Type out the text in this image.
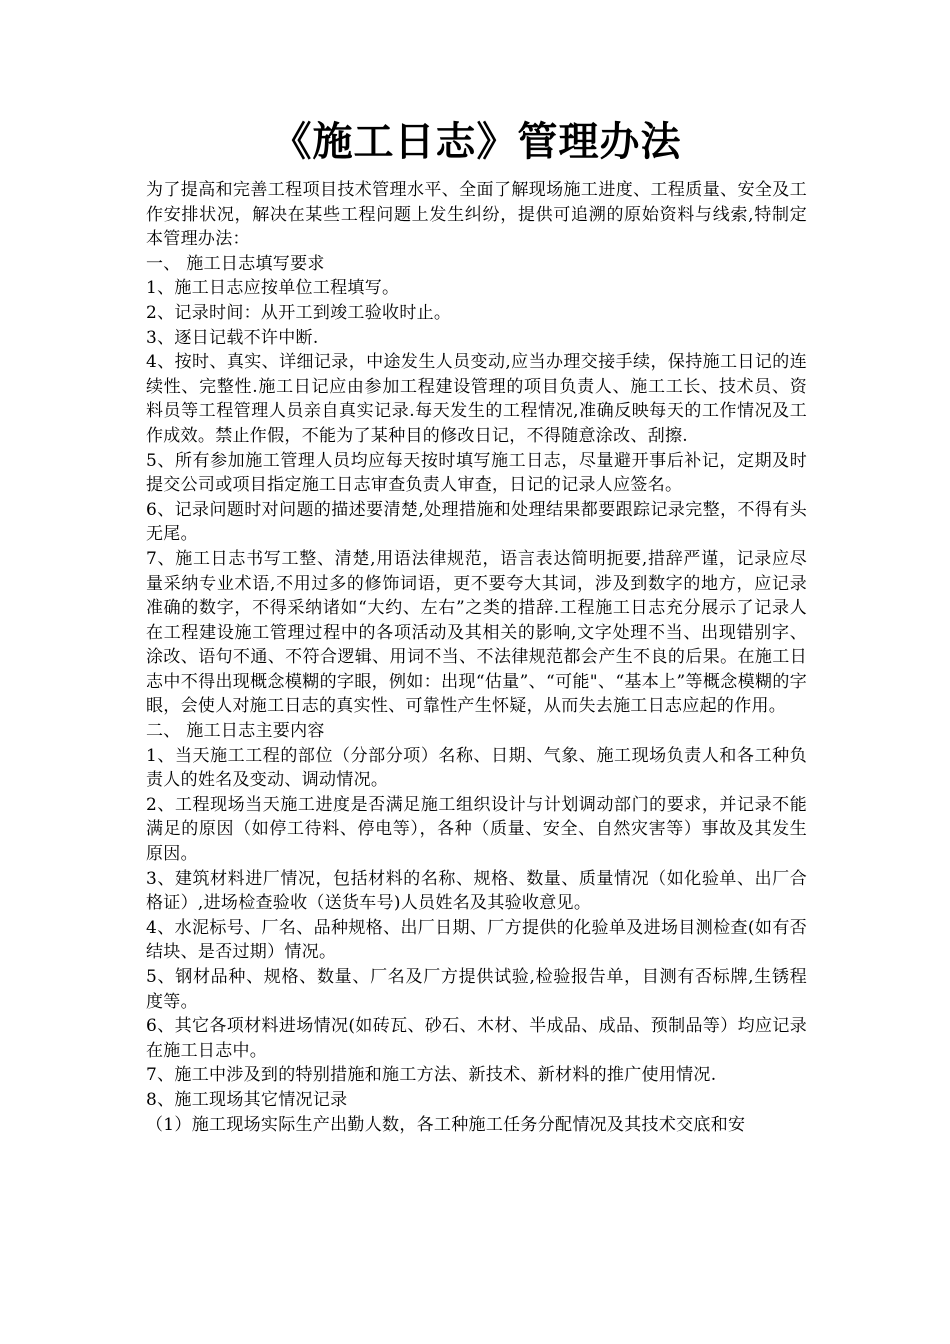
《施工日志》管理办法

为了提高和完善工程项目技术管理水平、全面了解现场施工进度、工程质量、安全及工作安排状况，解决在某些工程问题上发生纠纷，提供可追溯的原始资料与线索,特制定本管理办法：

一、 施工日志填写要求

1、施工日志应按单位工程填写。

2、记录时间：从开工到竣工验收时止。

3、逐日记载不许中断.

4、按时、真实、详细记录，中途发生人员变动,应当办理交接手续，保持施工日记的连续性、完整性.施工日记应由参加工程建设管理的项目负责人、施工工长、技术员、资料员等工程管理人员亲自真实记录.每天发生的工程情况,准确反映每天的工作情况及工作成效。禁止作假，不能为了某种目的修改日记，不得随意涂改、刮擦.

5、所有参加施工管理人员均应每天按时填写施工日志，尽量避开事后补记，定期及时提交公司或项目指定施工日志审查负责人审查，日记的记录人应签名。

6、记录问题时对问题的描述要清楚,处理措施和处理结果都要跟踪记录完整，不得有头无尾。

7、施工日志书写工整、清楚,用语法律规范，语言表达简明扼要,措辞严谨，记录应尽量采纳专业术语,不用过多的修饰词语，更不要夸大其词，涉及到数字的地方，应记录准确的数字，不得采纳诸如“大约、左右”之类的措辞.工程施工日志充分展示了记录人在工程建设施工管理过程中的各项活动及其相关的影响,文字处理不当、出现错别字、涂改、语句不通、不符合逻辑、用词不当、不法律规范都会产生不良的后果。在施工日志中不得出现概念模糊的字眼，例如：出现“估量”、“可能"、“基本上”等概念模糊的字眼，会使人对施工日志的真实性、可靠性产生怀疑，从而失去施工日志应起的作用。

二、 施工日志主要内容

1、当天施工工程的部位（分部分项）名称、日期、气象、施工现场负责人和各工种负责人的姓名及变动、调动情况。

2、工程现场当天施工进度是否满足施工组织设计与计划调动部门的要求，并记录不能满足的原因（如停工待料、停电等），各种（质量、安全、自然灾害等）事故及其发生原因。

3、建筑材料进厂情况，包括材料的名称、规格、数量、质量情况（如化验单、出厂合格证）,进场检查验收（送货车号)人员姓名及其验收意见。

4、水泥标号、厂名、品种规格、出厂日期、厂方提供的化验单及进场目测检查(如有否结块、是否过期）情况。

5、钢材品种、规格、数量、厂名及厂方提供试验,检验报告单，目测有否标牌,生锈程度等。

6、其它各项材料进场情况(如砖瓦、砂石、木材、半成品、成品、预制品等）均应记录在施工日志中。

7、施工中涉及到的特别措施和施工方法、新技术、新材料的推广使用情况.

8、施工现场其它情况记录

（1）施工现场实际生产出勤人数，各工种施工任务分配情况及其技术交底和安
